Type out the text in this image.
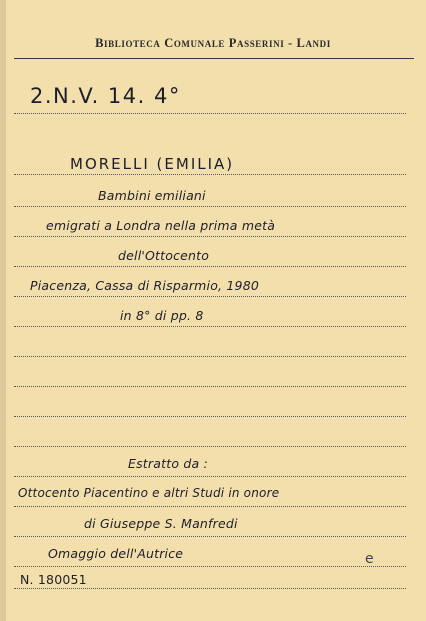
Biblioteca Comunale Passerini - Landi
2.N.V. 14. 4°
MORELLI (EMILIA)
Bambini emiliani
emigrati a Londra nella prima metà
dell'Ottocento
Piacenza, Cassa di Risparmio, 1980
in 8° di pp. 8
Estratto da :
Ottocento Piacentino e altri Studi in onore
di Giuseppe S. Manfredi
Omaggio dell'Autrice
N. 180051
e
